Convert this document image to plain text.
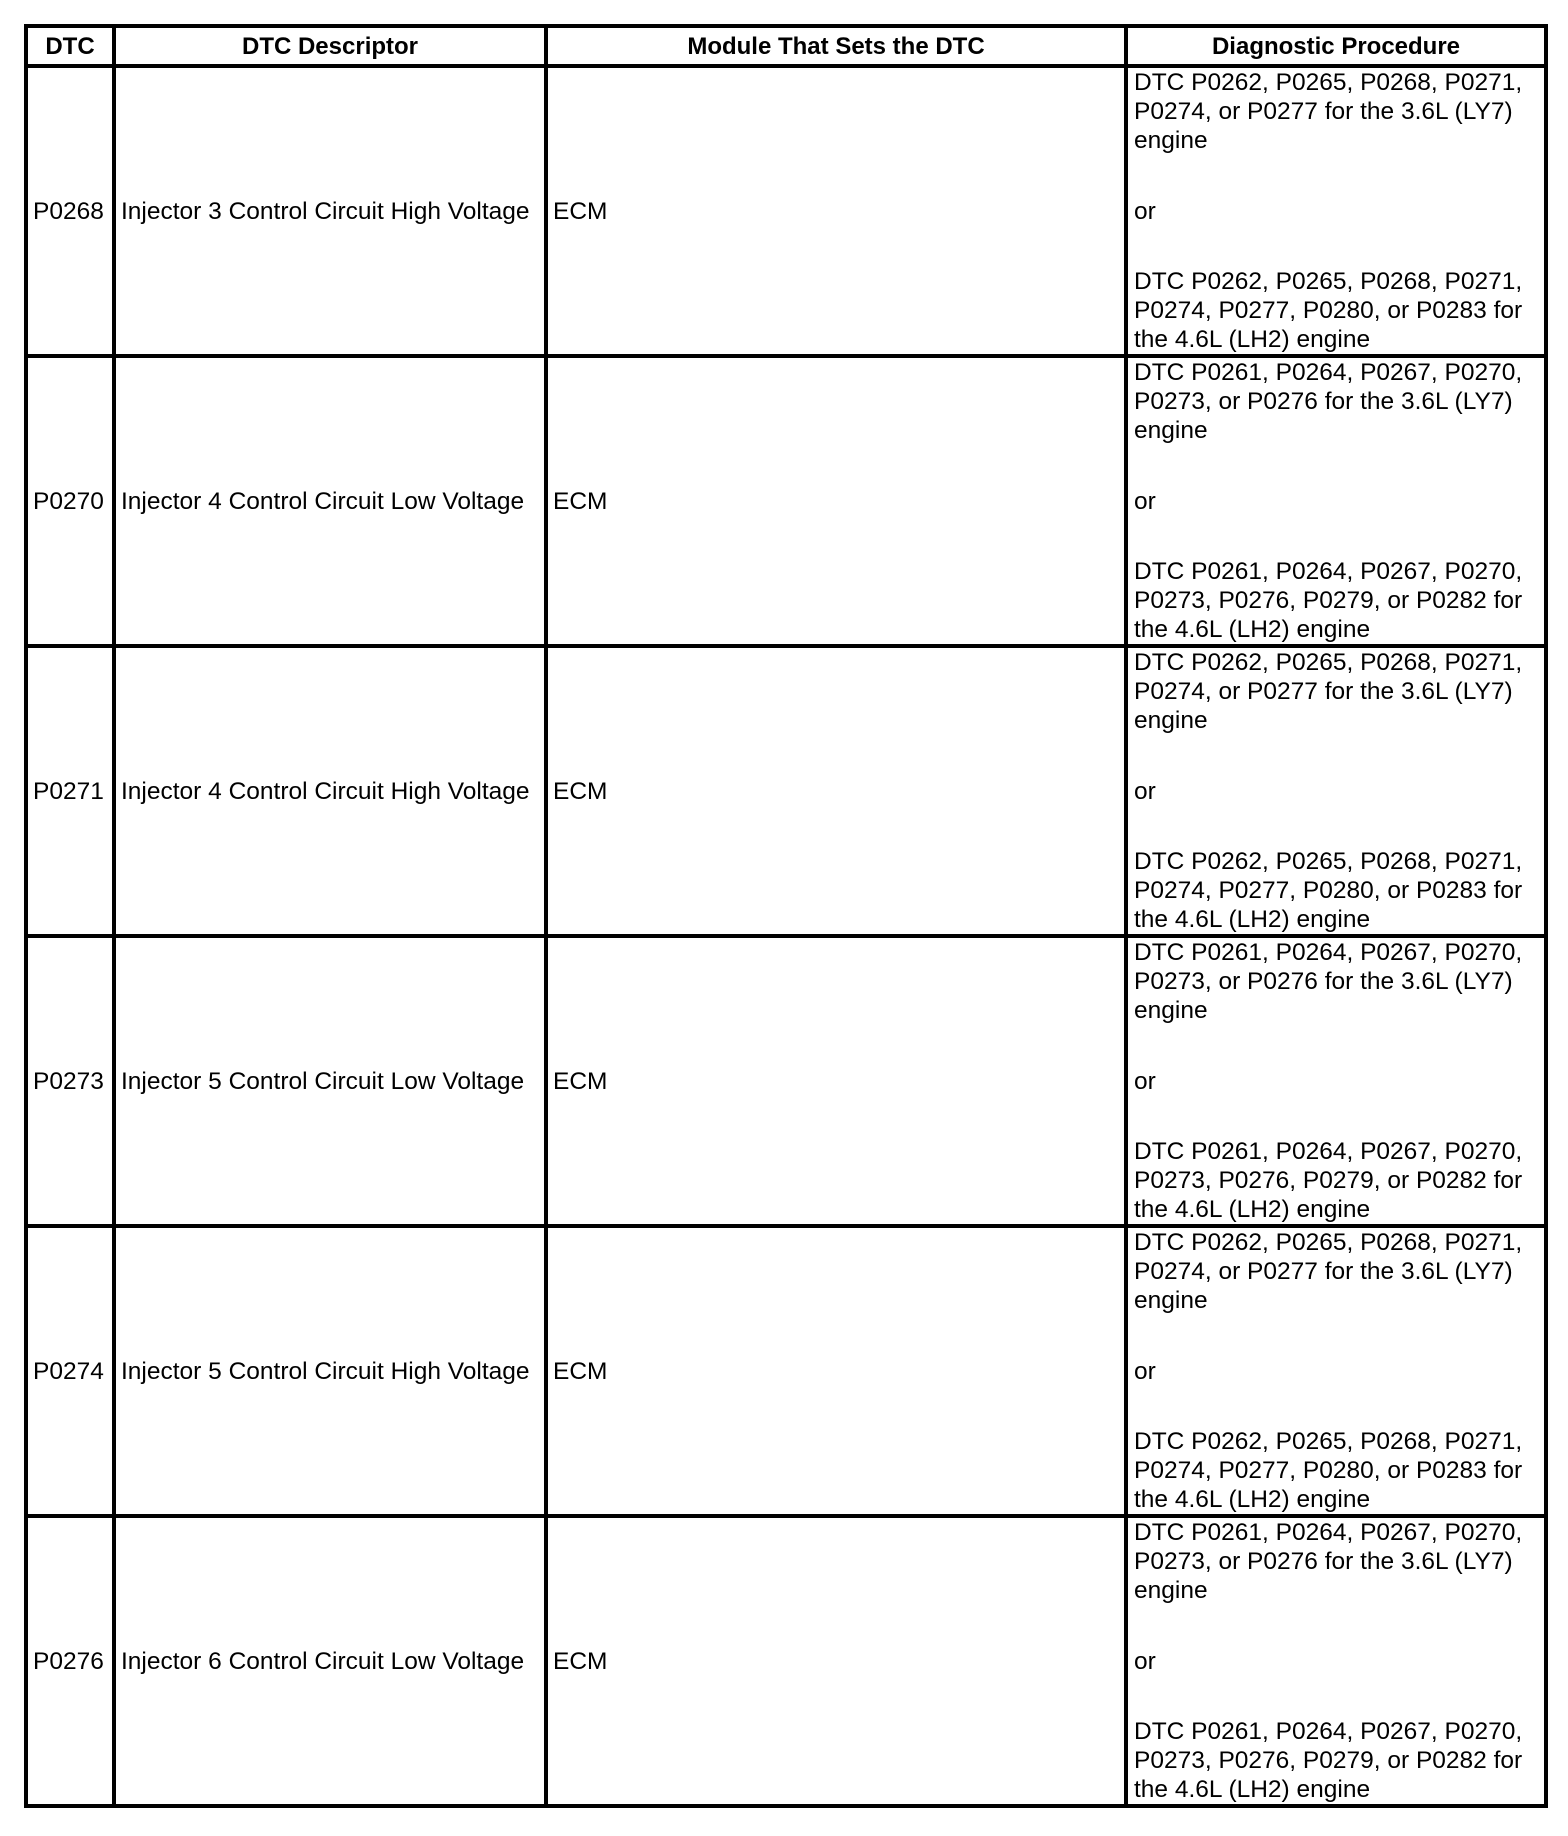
DTC	DTC Descriptor	Module That Sets the DTC	Diagnostic Procedure
P0268	Injector 3 Control Circuit High Voltage	ECM	DTC P0262, P0265, P0268, P0271, P0274, or P0277 for the 3.6L (LY7) engine
or
DTC P0262, P0265, P0268, P0271, P0274, P0277, P0280, or P0283 for the 4.6L (LH2) engine

P0270	Injector 4 Control Circuit Low Voltage	ECM	DTC P0261, P0264, P0267, P0270, P0273, or P0276 for the 3.6L (LY7) engine
or
DTC P0261, P0264, P0267, P0270, P0273, P0276, P0279, or P0282 for the 4.6L (LH2) engine

P0271	Injector 4 Control Circuit High Voltage	ECM	DTC P0262, P0265, P0268, P0271, P0274, or P0277 for the 3.6L (LY7) engine
or
DTC P0262, P0265, P0268, P0271, P0274, P0277, P0280, or P0283 for the 4.6L (LH2) engine

P0273	Injector 5 Control Circuit Low Voltage	ECM	DTC P0261, P0264, P0267, P0270, P0273, or P0276 for the 3.6L (LY7) engine
or
DTC P0261, P0264, P0267, P0270, P0273, P0276, P0279, or P0282 for the 4.6L (LH2) engine

P0274	Injector 5 Control Circuit High Voltage	ECM	DTC P0262, P0265, P0268, P0271, P0274, or P0277 for the 3.6L (LY7) engine
or
DTC P0262, P0265, P0268, P0271, P0274, P0277, P0280, or P0283 for the 4.6L (LH2) engine

P0276	Injector 6 Control Circuit Low Voltage	ECM	DTC P0261, P0264, P0267, P0270, P0273, or P0276 for the 3.6L (LY7) engine
or
DTC P0261, P0264, P0267, P0270, P0273, P0276, P0279, or P0282 for the 4.6L (LH2) engine
